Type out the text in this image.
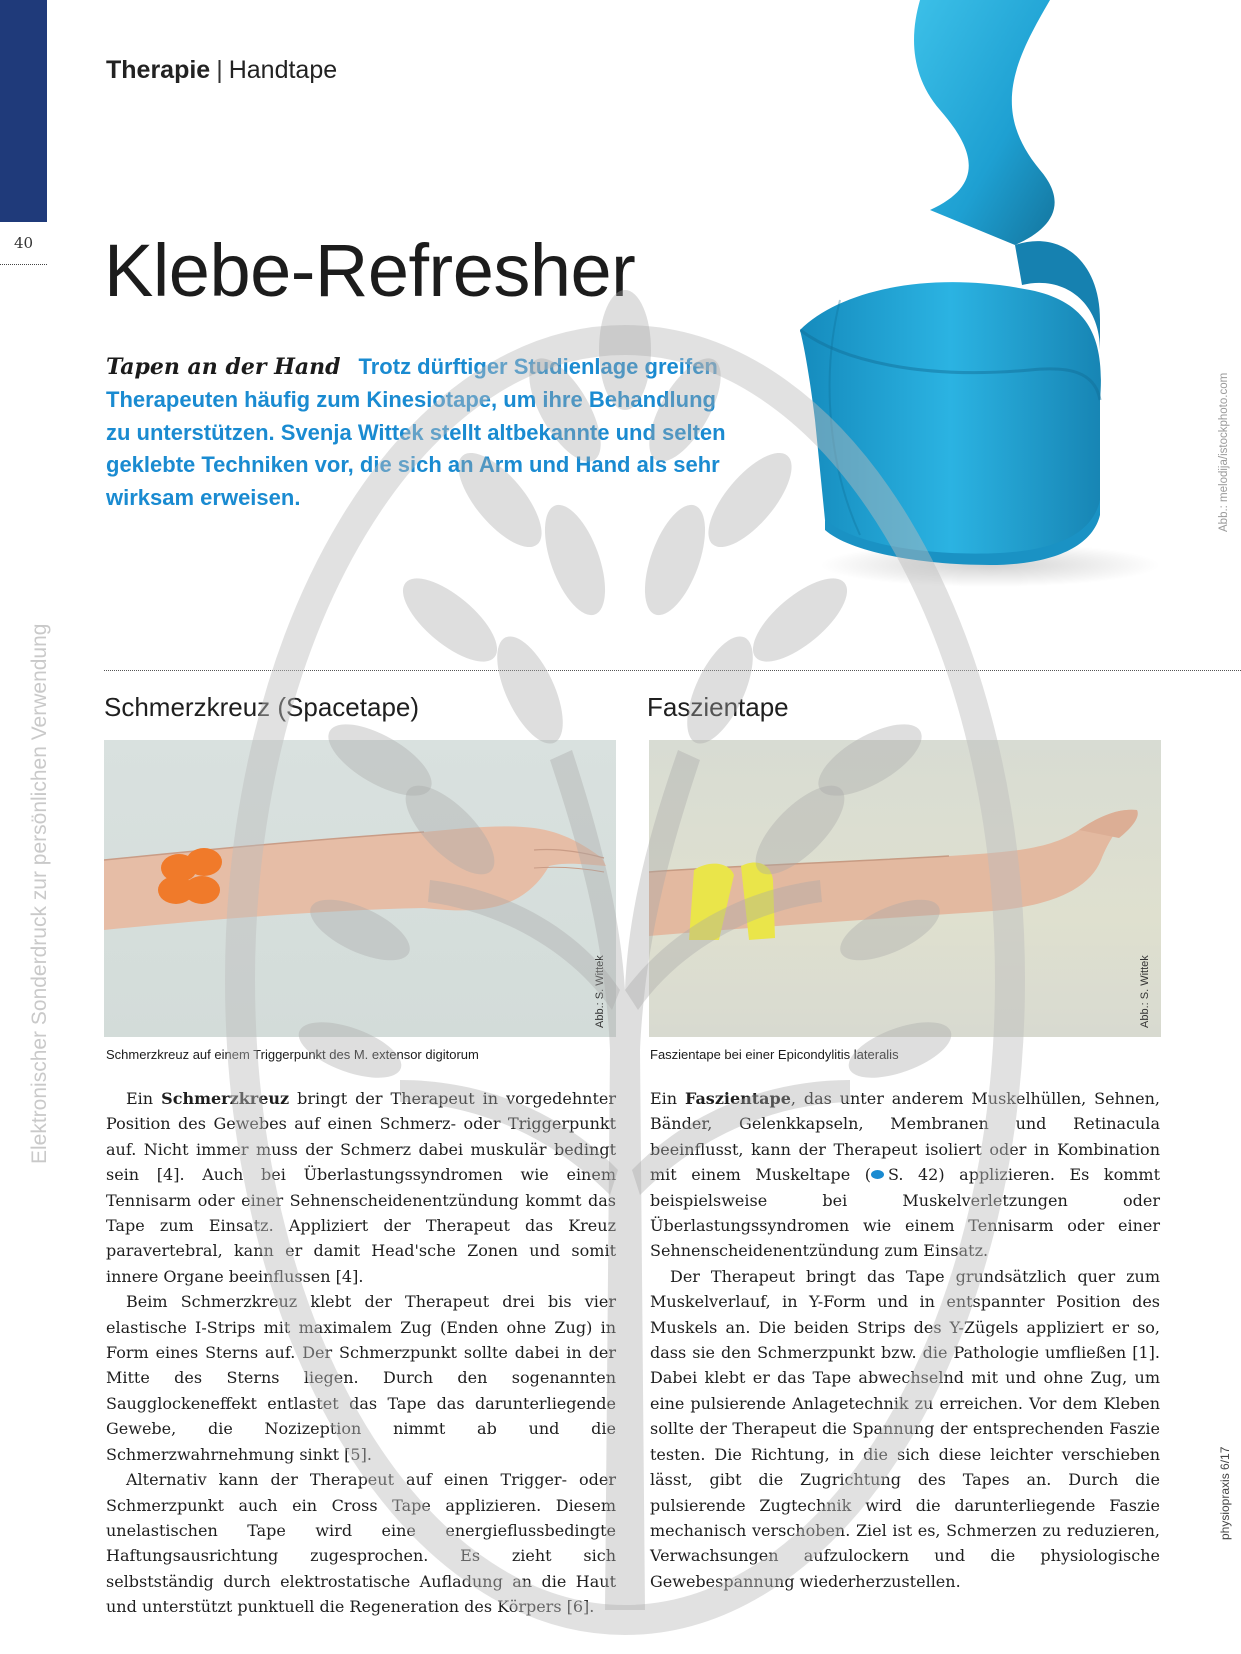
40
Therapie | Handtape
Klebe-Refresher
Tapen an der Hand Trotz dürftiger Studienlage greifen Therapeuten häufig zum Kinesiotape, um ihre Behandlung zu unterstützen. Svenja Wittek stellt altbekannte und selten geklebte Techniken vor, die sich an Arm und Hand als sehr wirksam erweisen.	Abb.: melodija/istockphoto.com
Elektronischer Sonderdruck zur persönlichen Verwendung
physiopraxis 6/17
Schmerzkreuz (Spacetape)	Faszientape
Abb.: S. Wittek	Abb.: S. Wittek
Schmerzkreuz auf einem Triggerpunkt des M. extensor digitorum	Faszientape bei einer Epicondylitis lateralis

Ein Schmerzkreuz bringt der Therapeut in vorgedehnter Position des Gewebes auf einen Schmerz- oder Triggerpunkt auf. Nicht immer muss der Schmerz dabei muskulär bedingt sein [4]. Auch bei Überlastungssyndromen wie einem Tennisarm oder einer Sehnenscheidenentzündung kommt das Tape zum Einsatz. Appliziert der Therapeut das Kreuz paravertebral, kann er damit Head'sche Zonen und somit innere Organe beeinflussen [4].

Beim Schmerzkreuz klebt der Therapeut drei bis vier elastische I-Strips mit maximalem Zug (Enden ohne Zug) in Form eines Sterns auf. Der Schmerzpunkt sollte dabei in der Mitte des Sterns liegen. Durch den sogenannten Saugglockeneffekt entlastet das Tape das darunterliegende Gewebe, die Nozizeption nimmt ab und die Schmerzwahrnehmung sinkt [5].

Alternativ kann der Therapeut auf einen Trigger- oder Schmerzpunkt auch ein Cross Tape applizieren. Diesem unelastischen Tape wird eine energieflussbedingte Haftungsausrichtung zugesprochen. Es zieht sich selbstständig durch elektrostatische Aufladung an die Haut und unterstützt punktuell die Regeneration des Körpers [6].

Ein Faszientape, das unter anderem Muskelhüllen, Sehnen, Bänder, Gelenkkapseln, Membranen und Retinacula beeinflusst, kann der Therapeut isoliert oder in Kombination mit einem Muskeltape ( S. 42) applizieren. Es kommt beispielsweise bei Muskelverletzungen oder Überlastungssyndromen wie einem Tennisarm oder einer Sehnenscheidenentzündung zum Einsatz.

Der Therapeut bringt das Tape grundsätzlich quer zum Muskelverlauf, in Y-Form und in entspannter Position des Muskels an. Die beiden Strips des Y-Zügels appliziert er so, dass sie den Schmerzpunkt bzw. die Pathologie umfließen [1]. Dabei klebt er das Tape abwechselnd mit und ohne Zug, um eine pulsierende Anlagetechnik zu erreichen. Vor dem Kleben sollte der Therapeut die Spannung der entsprechenden Faszie testen. Die Richtung, in die sich diese leichter verschieben lässt, gibt die Zugrichtung des Tapes an. Durch die pulsierende Zugtechnik wird die darunterliegende Faszie mechanisch verschoben. Ziel ist es, Schmerzen zu reduzieren, Verwachsungen aufzulockern und die physiologische Gewebespannung wiederherzustellen.
